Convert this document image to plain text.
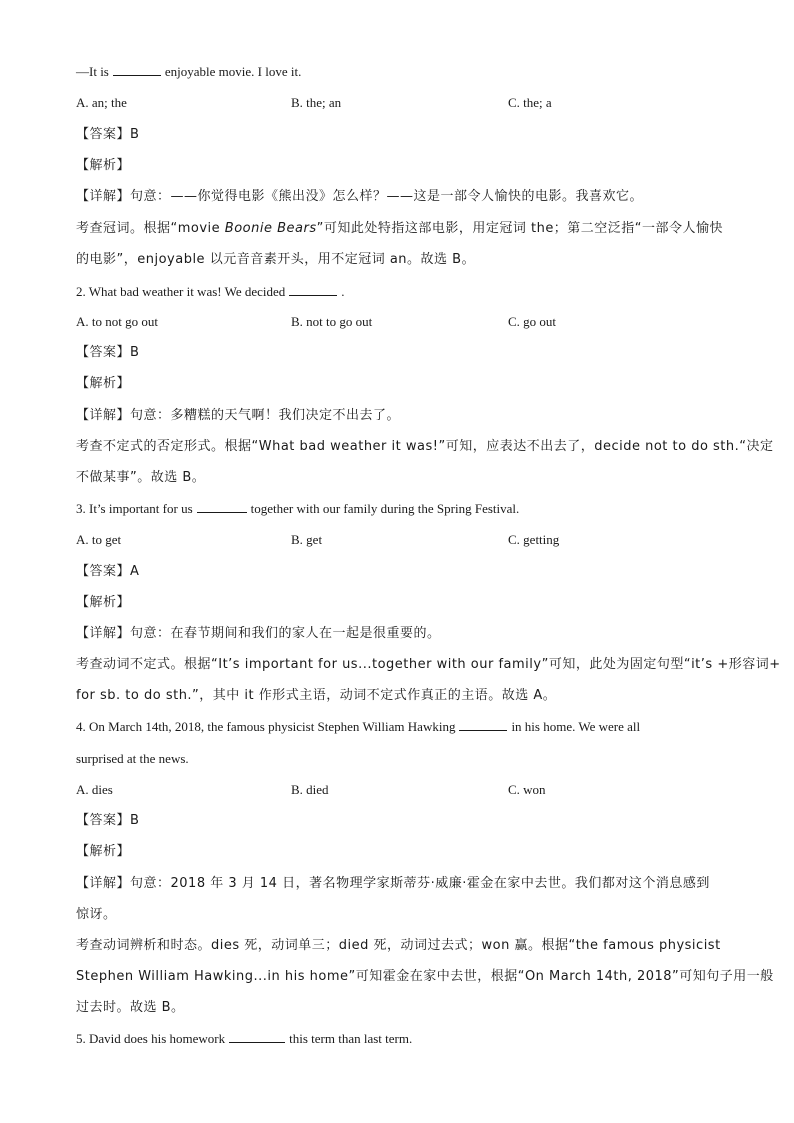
—It is	enjoyable movie. I love it.
A. an; the	B. the; an	C. the; a
【答案】B
【解析】
【详解】句意：——你觉得电影《熊出没》怎么样？——这是一部令人愉快的电影。我喜欢它。
考查冠词。根据“movie Boonie Bears”可知此处特指这部电影，用定冠词 the；第二空泛指“一部令人愉快
的电影”，enjoyable 以元音音素开头，用不定冠词 an。故选 B。
2. What bad weather it was! We decided	.
A. to not go out	B. not to go out	C. go out
【答案】B
【解析】
【详解】句意：多糟糕的天气啊！我们决定不出去了。
考查不定式的否定形式。根据“What bad weather it was!”可知，应表达不出去了，decide not to do sth.“决定
不做某事”。故选 B。
3. It’s important for us	together with our family during the Spring Festival.
A. to get	B. get	C. getting
【答案】A
【解析】
【详解】句意：在春节期间和我们的家人在一起是很重要的。
考查动词不定式。根据“It’s important for us...together with our family”可知，此处为固定句型“it’s +形容词+
for sb. to do sth.”，其中 it 作形式主语，动词不定式作真正的主语。故选 A。
4. On March 14th, 2018, the famous physicist Stephen William Hawking	in his home. We were all
surprised at the news.
A. dies	B. died	C. won
【答案】B
【解析】
【详解】句意：2018 年 3 月 14 日，著名物理学家斯蒂芬·威廉·霍金在家中去世。我们都对这个消息感到
惊讶。
考查动词辨析和时态。dies 死，动词单三；died 死，动词过去式；won 赢。根据“the famous physicist
Stephen William Hawking...in his home”可知霍金在家中去世，根据“On March 14th, 2018”可知句子用一般
过去时。故选 B。
5. David does his homework	this term than last term.
